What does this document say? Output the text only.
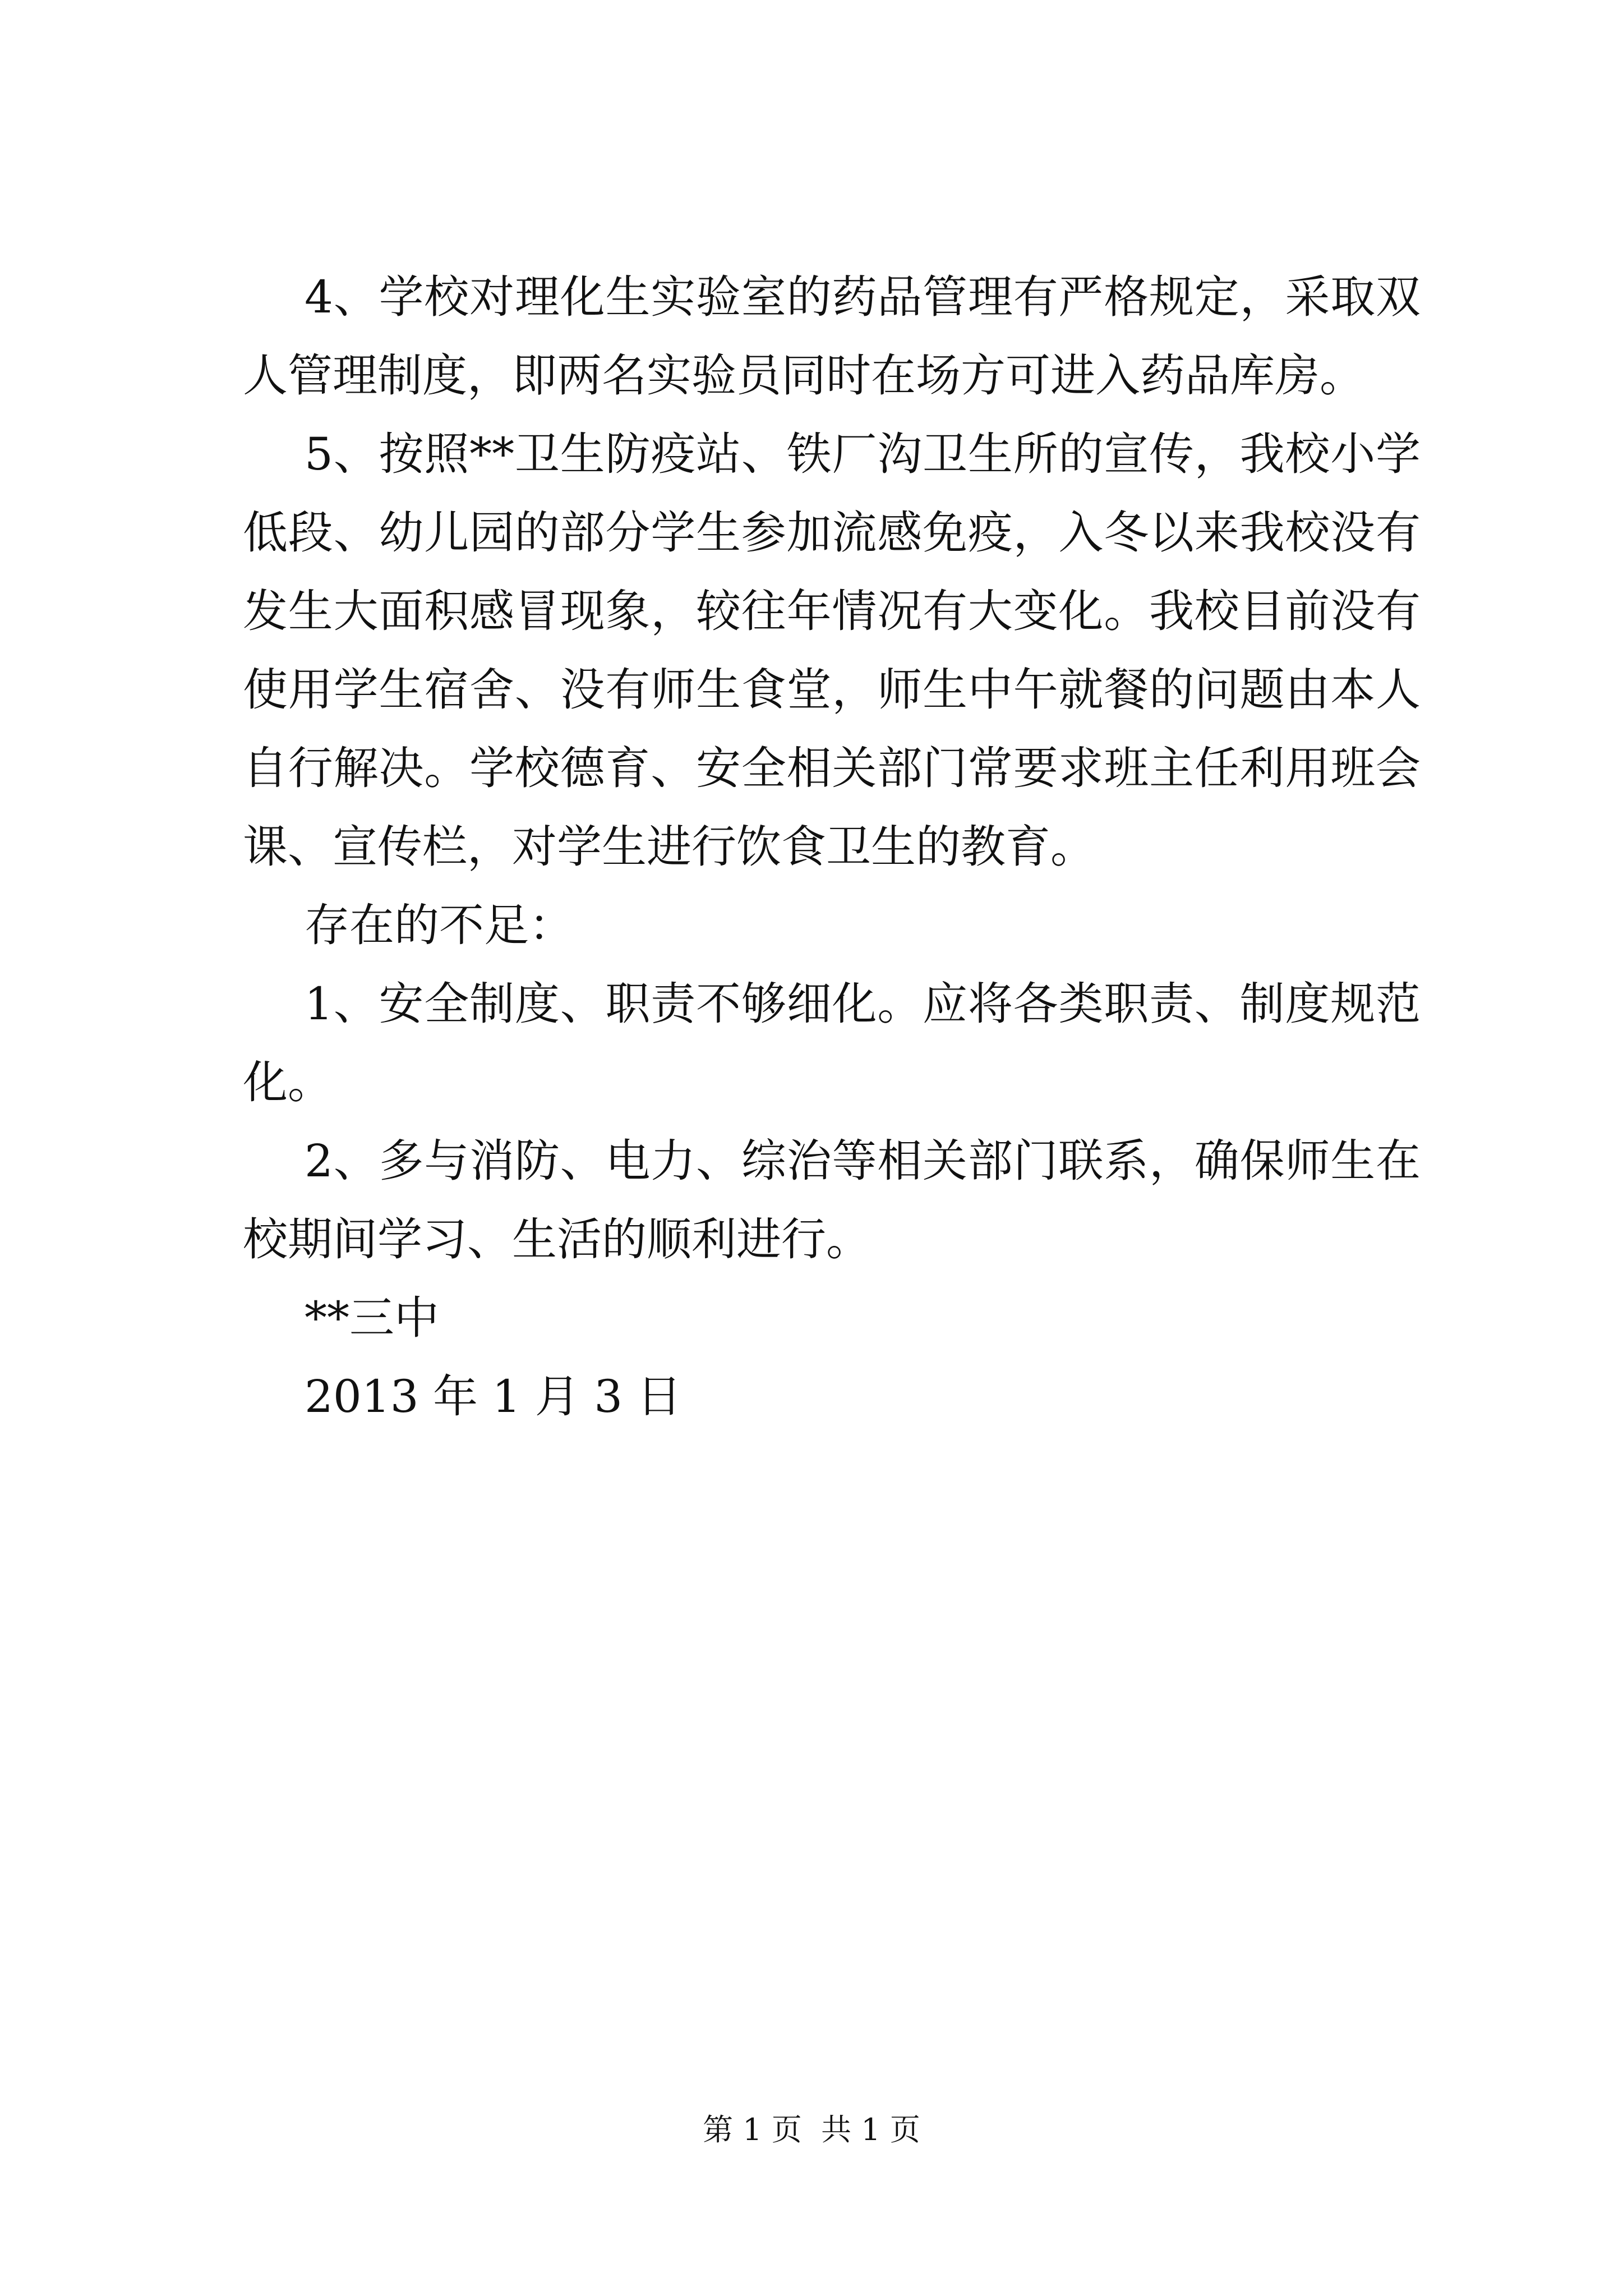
4、学校对理化生实验室的药品管理有严格规定，采取双人管理制度，即两名实验员同时在场方可进入药品库房。

5、按照**卫生防疫站、铁厂沟卫生所的宣传，我校小学低段、幼儿园的部分学生参加流感免疫，入冬以来我校没有发生大面积感冒现象，较往年情况有大变化。我校目前没有使用学生宿舍、没有师生食堂，师生中午就餐的问题由本人自行解决。学校德育、安全相关部门常要求班主任利用班会课、宣传栏，对学生进行饮食卫生的教育。

存在的不足：

1、安全制度、职责不够细化。应将各类职责、制度规范化。

2、多与消防、电力、综治等相关部门联系，确保师生在校期间学习、生活的顺利进行。

**三中

2013 年 1 月 3 日

第 1 页  共 1 页
